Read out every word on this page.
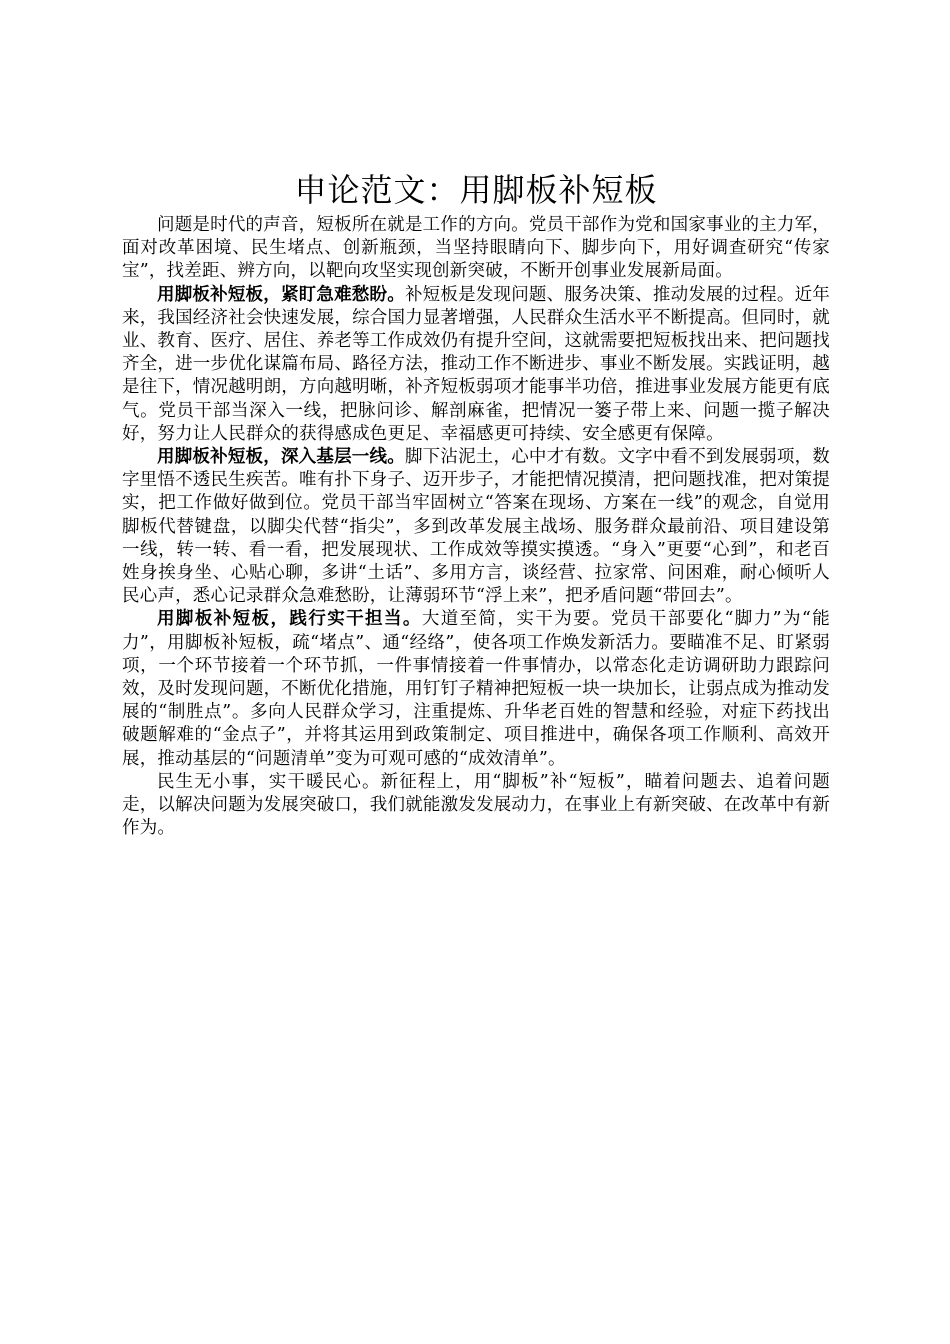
申论范文：用脚板补短板

问题是时代的声音，短板所在就是工作的方向。党员干部作为党和国家事业的主力军，面对改革困境、民生堵点、创新瓶颈，当坚持眼睛向下、脚步向下，用好调查研究“传家宝”，找差距、辨方向，以靶向攻坚实现创新突破，不断开创事业发展新局面。

用脚板补短板，紧盯急难愁盼。补短板是发现问题、服务决策、推动发展的过程。近年来，我国经济社会快速发展，综合国力显著增强，人民群众生活水平不断提高。但同时，就业、教育、医疗、居住、养老等工作成效仍有提升空间，这就需要把短板找出来、把问题找齐全，进一步优化谋篇布局、路径方法，推动工作不断进步、事业不断发展。实践证明，越是往下，情况越明朗，方向越明晰，补齐短板弱项才能事半功倍，推进事业发展方能更有底气。党员干部当深入一线，把脉问诊、解剖麻雀，把情况一篓子带上来、问题一揽子解决好，努力让人民群众的获得感成色更足、幸福感更可持续、安全感更有保障。

用脚板补短板，深入基层一线。脚下沾泥土，心中才有数。文字中看不到发展弱项，数字里悟不透民生疾苦。唯有扑下身子、迈开步子，才能把情况摸清，把问题找准，把对策提实，把工作做好做到位。党员干部当牢固树立“答案在现场、方案在一线”的观念，自觉用脚板代替键盘，以脚尖代替“指尖”，多到改革发展主战场、服务群众最前沿、项目建设第一线，转一转、看一看，把发展现状、工作成效等摸实摸透。“身入”更要“心到”，和老百姓身挨身坐、心贴心聊，多讲“土话”、多用方言，谈经营、拉家常、问困难，耐心倾听人民心声，悉心记录群众急难愁盼，让薄弱环节“浮上来”，把矛盾问题“带回去”。

用脚板补短板，践行实干担当。大道至简，实干为要。党员干部要化“脚力”为“能力”，用脚板补短板，疏“堵点”、通“经络”，使各项工作焕发新活力。要瞄准不足、盯紧弱项，一个环节接着一个环节抓，一件事情接着一件事情办，以常态化走访调研助力跟踪问效，及时发现问题，不断优化措施，用钉钉子精神把短板一块一块加长，让弱点成为推动发展的“制胜点”。多向人民群众学习，注重提炼、升华老百姓的智慧和经验，对症下药找出破题解难的“金点子”，并将其运用到政策制定、项目推进中，确保各项工作顺利、高效开展，推动基层的“问题清单”变为可观可感的“成效清单”。

民生无小事，实干暖民心。新征程上，用“脚板”补“短板”，瞄着问题去、追着问题走，以解决问题为发展突破口，我们就能激发发展动力，在事业上有新突破、在改革中有新作为。
